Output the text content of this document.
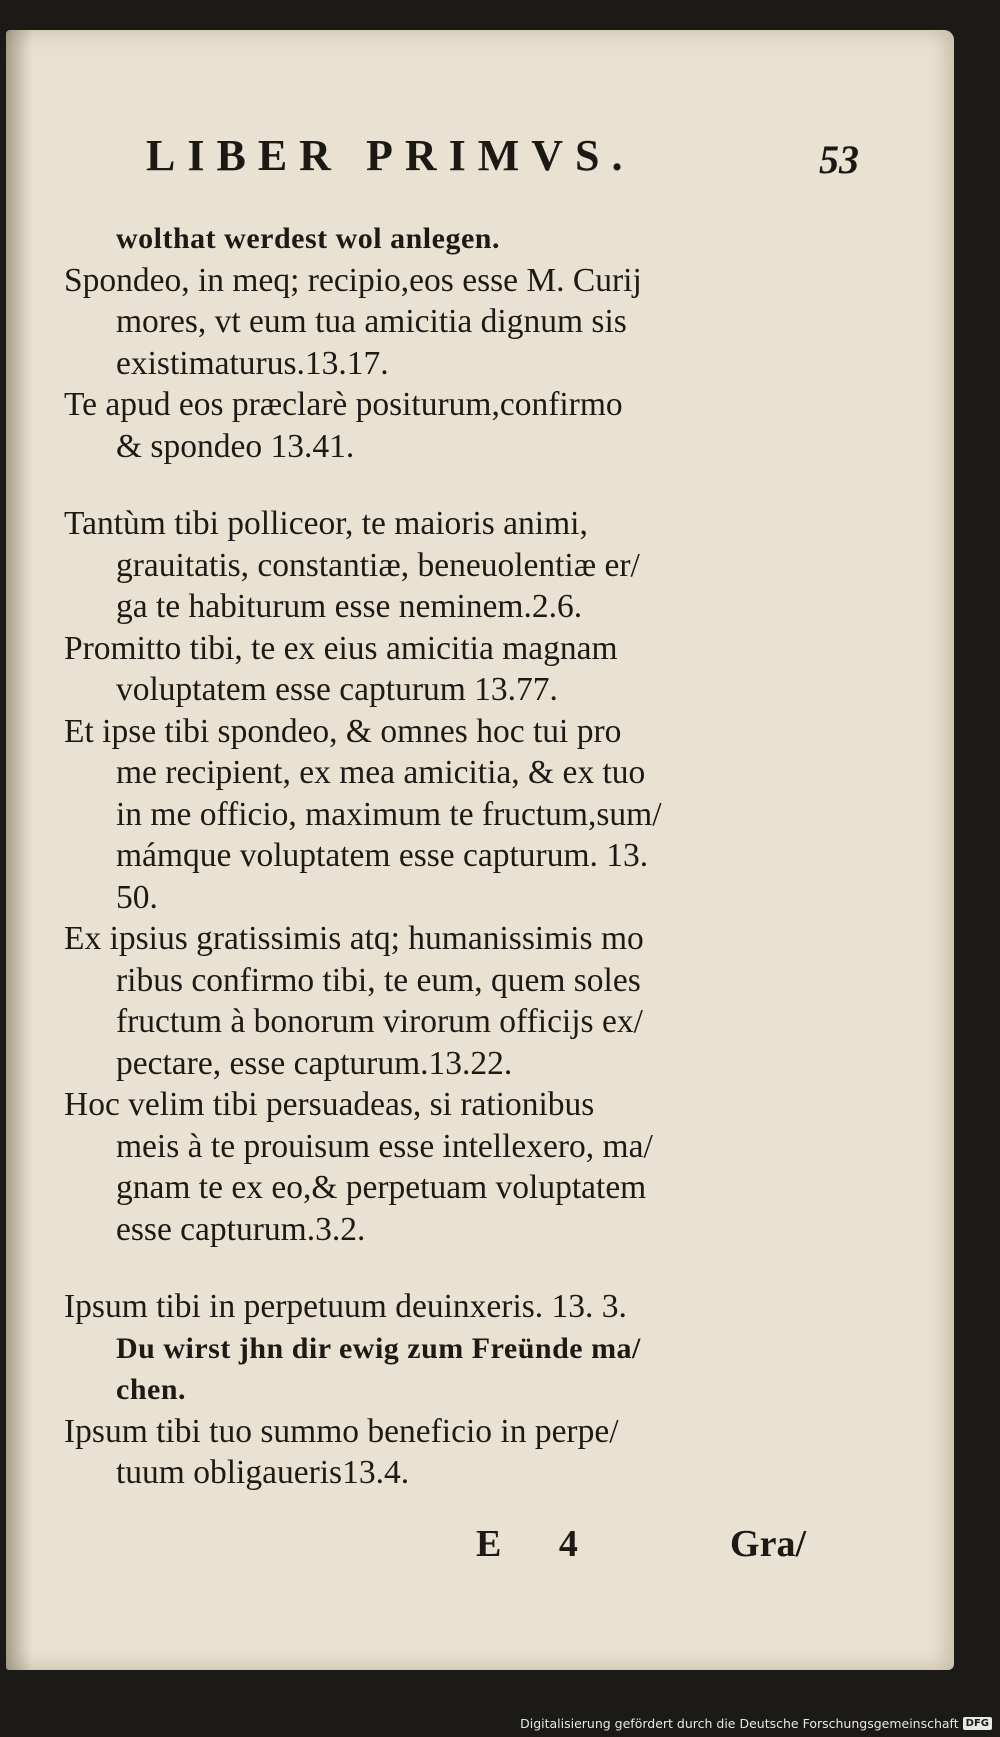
LIBER PRIMVS.	53
wolthat werdest wol anlegen.
Spondeo, in meq; recipio,eos esse M. Curij
mores, vt eum tua amicitia dignum sis
existimaturus.13.17.
Te apud eos præclarè positurum,confirmo
& spondeo 13.41.
Tantùm tibi polliceor, te maioris animi,
grauitatis, constantiæ, beneuolentiæ er/
ga te habiturum esse neminem.2.6.
Promitto tibi, te ex eius amicitia magnam
voluptatem esse capturum 13.77.
Et ipse tibi spondeo, & omnes hoc tui pro
me recipient, ex mea amicitia, & ex tuo
in me officio, maximum te fructum,sum/
mámque voluptatem esse capturum. 13.
50.
Ex ipsius gratissimis atq; humanissimis mo
ribus confirmo tibi, te eum, quem soles
fructum à bonorum virorum officijs ex/
pectare, esse capturum.13.22.
Hoc velim tibi persuadeas, si rationibus
meis à te prouisum esse intellexero, ma/
gnam te ex eo,& perpetuam voluptatem
esse capturum.3.2.
Ipsum tibi in perpetuum deuinxeris. 13. 3.
Du wirst jhn dir ewig zum Freünde ma/
chen.
Ipsum tibi tuo summo beneficio in perpe/
tuum obligaueris13.4.
E 4	Gra/
Digitalisierung gefördert durch die Deutsche Forschungsgemeinschaft DFG
